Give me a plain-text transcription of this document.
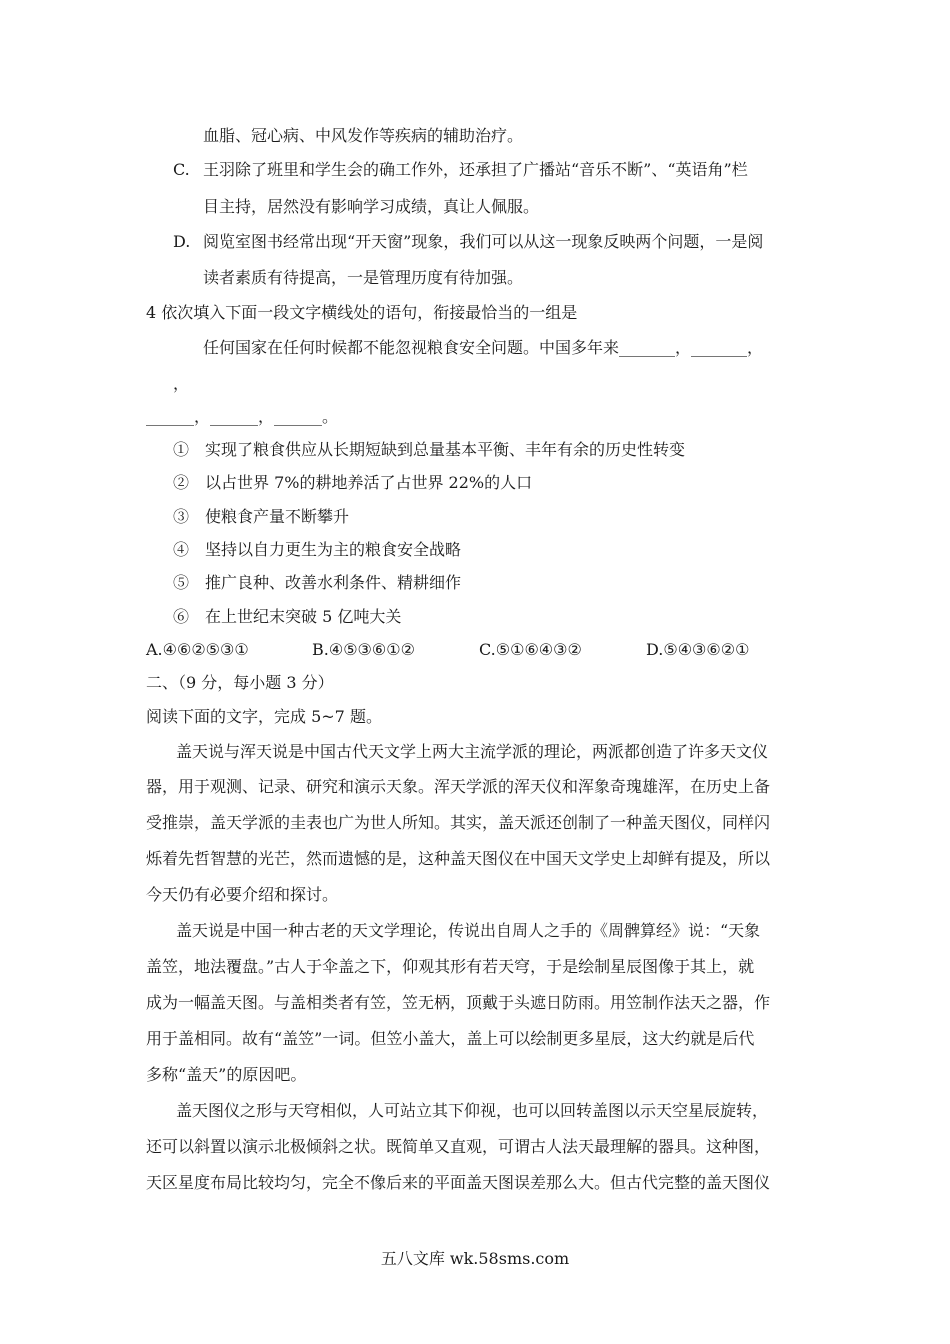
血脂、冠心病、中风发作等疾病的辅助治疗。
C. 王羽除了班里和学生会的确工作外，还承担了广播站“音乐不断”、“英语角”栏
目主持，居然没有影响学习成绩，真让人佩服。
D. 阅览室图书经常出现“开天窗”现象，我们可以从这一现象反映两个问题，一是阅
读者素质有待提高，一是管理历度有待加强。
4 依次填入下面一段文字横线处的语句，衔接最恰当的一组是
任何国家在任何时候都不能忽视粮食安全问题。中国多年来_______，_______，
，
______，______，______。
①　实现了粮食供应从长期短缺到总量基本平衡、丰年有余的历史性转变
②　以占世界 7%的耕地养活了占世界 22%的人口
③　使粮食产量不断攀升
④　坚持以自力更生为主的粮食安全战略
⑤　推广良种、改善水利条件、精耕细作
⑥　在上世纪末突破 5 亿吨大关
A.④⑥②⑤③①	B.④⑤③⑥①②	C.⑤①⑥④③②	D.⑤④③⑥②①
二、（9 分，每小题 3 分）
阅读下面的文字，完成 5~7 题。
盖天说与浑天说是中国古代天文学上两大主流学派的理论，两派都创造了许多天文仪
器，用于观测、记录、研究和演示天象。浑天学派的浑天仪和浑象奇瑰雄浑，在历史上备
受推崇，盖天学派的圭表也广为世人所知。其实，盖天派还创制了一种盖天图仪，同样闪
烁着先哲智慧的光芒，然而遗憾的是，这种盖天图仪在中国天文学史上却鲜有提及，所以
今天仍有必要介绍和探讨。
盖天说是中国一种古老的天文学理论，传说出自周人之手的《周髀算经》说：“天象
盖笠，地法覆盘。”古人于伞盖之下，仰观其形有若天穹，于是绘制星辰图像于其上，就
成为一幅盖天图。与盖相类者有笠，笠无柄，顶戴于头遮日防雨。用笠制作法天之器，作
用于盖相同。故有“盖笠”一词。但笠小盖大，盖上可以绘制更多星辰，这大约就是后代
多称“盖天”的原因吧。
盖天图仪之形与天穹相似，人可站立其下仰视，也可以回转盖图以示天空星辰旋转，
还可以斜置以演示北极倾斜之状。既简单又直观，可谓古人法天最理解的器具。这种图，
天区星度布局比较均匀，完全不像后来的平面盖天图误差那么大。但古代完整的盖天图仪
五八文库 wk.58sms.com
